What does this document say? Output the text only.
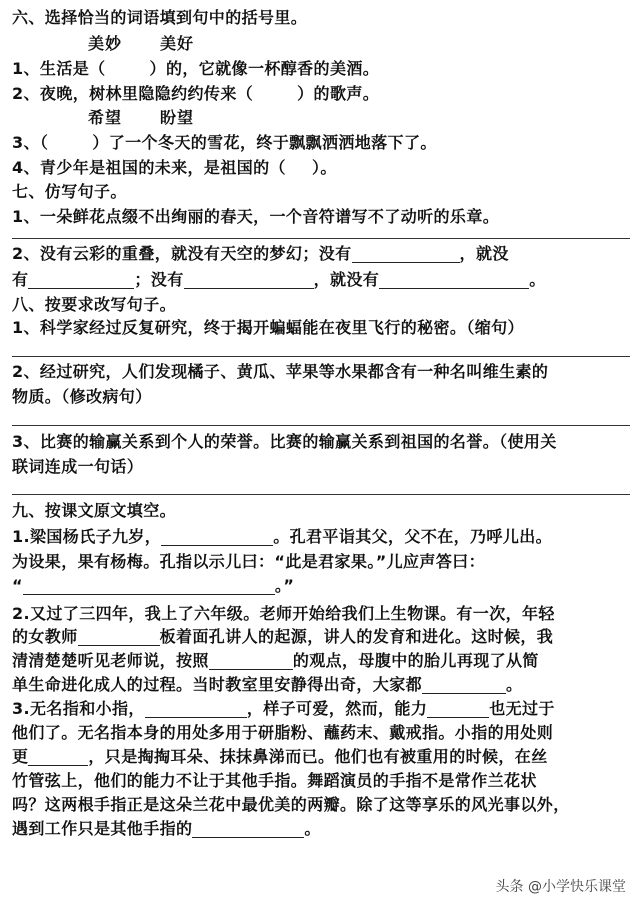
六、选择恰当的词语填到句中的括号里。
美妙 美好
1、生活是（	）的，它就像一杯醇香的美酒。
2、夜晚，树林里隐隐约约传来（	）的歌声。
希望 盼望
3、（	）了一个冬天的雪花，终于飘飘洒洒地落下了。
4、青少年是祖国的未来，是祖国的（ ）。
七、仿写句子。
1、一朵鲜花点缀不出绚丽的春天，一个音符谱写不了动听的乐章。
2、没有云彩的重叠，就没有天空的梦幻；没有	，就没
有	；没有	，就没有	。
八、按要求改写句子。
1、科学家经过反复研究，终于揭开蝙蝠能在夜里飞行的秘密。（缩句）
2、经过研究，人们发现橘子、黄瓜、苹果等水果都含有一种名叫维生素的
物质。（修改病句）
3、比赛的输赢关系到个人的荣誉。比赛的输赢关系到祖国的名誉。（使用关
联词连成一句话）
九、按课文原文填空。
1.梁国杨氏子九岁，	。孔君平诣其父，父不在，乃呼儿出。
为设果，果有杨梅。孔指以示儿曰：“此是君家果。”儿应声答曰：
“	。”
2.又过了三四年，我上了六年级。老师开始给我们上生物课。有一次，年轻
的女教师	板着面孔讲人的起源，讲人的发育和进化。这时候，我
清清楚楚听见老师说，按照	的观点，母腹中的胎儿再现了从简
单生命进化成人的过程。当时教室里安静得出奇，大家都	。
3.无名指和小指，	，样子可爱，然而，能力	也无过于
他们了。无名指本身的用处多用于研脂粉、蘸药末、戴戒指。小指的用处则
更	，只是掏掏耳朵、抹抹鼻涕而已。他们也有被重用的时候，在丝
竹管弦上，他们的能力不让于其他手指。舞蹈演员的手指不是常作兰花状
吗？这两根手指正是这朵兰花中最优美的两瓣。除了这等享乐的风光事以外，
遇到工作只是其他手指的	。
头条 @小学快乐课堂
